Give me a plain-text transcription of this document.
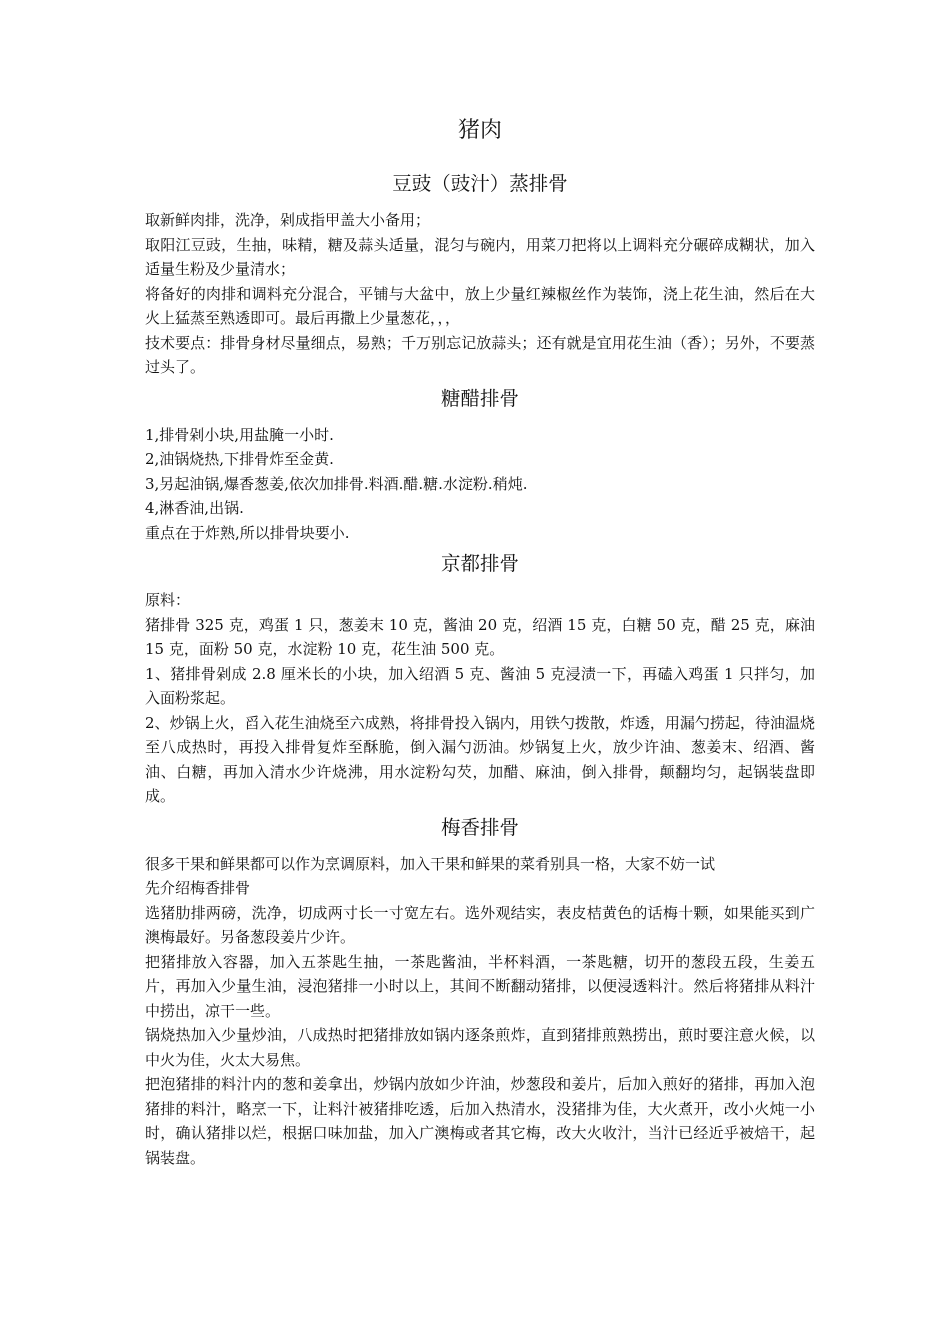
猪肉
豆豉（豉汁）蒸排骨

取新鲜肉排，洗净，剁成指甲盖大小备用；

取阳江豆豉，生抽，味精，糖及蒜头适量，混匀与碗内，用菜刀把将以上调料充分碾碎成糊状，加入适量生粉及少量清水；

将备好的肉排和调料充分混合，平铺与大盆中，放上少量红辣椒丝作为装饰，浇上花生油，然后在大火上猛蒸至熟透即可。最后再撒上少量葱花，，，

技术要点：排骨身材尽量细点，易熟；千万别忘记放蒜头；还有就是宜用花生油（香）；另外，不要蒸过头了。

糖醋排骨

1,排骨剁小块,用盐腌一小时.

2,油锅烧热,下排骨炸至金黄.

3,另起油锅,爆香葱姜,依次加排骨.料酒.醋.糖.水淀粉.稍炖.

4,淋香油,出锅.

重点在于炸熟,所以排骨块要小.

京都排骨

原料：

猪排骨 325 克，鸡蛋 1 只，葱姜末 10 克，酱油 20 克，绍酒 15 克，白糖 50 克，醋 25 克，麻油 15 克，面粉 50 克，水淀粉 10 克，花生油 500 克。

1、猪排骨剁成 2.8 厘米长的小块，加入绍酒 5 克、酱油 5 克浸渍一下，再磕入鸡蛋 1 只拌匀，加入面粉浆起。

2、炒锅上火，舀入花生油烧至六成熟，将排骨投入锅内，用铁勺拨散，炸透，用漏勺捞起，待油温烧至八成热时，再投入排骨复炸至酥脆，倒入漏勺沥油。炒锅复上火，放少许油、葱姜末、绍酒、酱油、白糖，再加入清水少许烧沸，用水淀粉勾芡，加醋、麻油，倒入排骨，颠翻均匀，起锅装盘即成。

梅香排骨

很多干果和鲜果都可以作为烹调原料，加入干果和鲜果的菜肴别具一格，大家不妨一试

先介绍梅香排骨

选猪肋排两磅，洗净，切成两寸长一寸宽左右。选外观结实，表皮桔黄色的话梅十颗，如果能买到广澳梅最好。另备葱段姜片少许。

把猪排放入容器，加入五茶匙生抽，一茶匙酱油，半杯料酒，一茶匙糖，切开的葱段五段，生姜五片，再加入少量生油，浸泡猪排一小时以上，其间不断翻动猪排，以便浸透料汁。然后将猪排从料汁中捞出，凉干一些。

锅烧热加入少量炒油，八成热时把猪排放如锅内逐条煎炸，直到猪排煎熟捞出，煎时要注意火候，以中火为佳，火太大易焦。

把泡猪排的料汁内的葱和姜拿出，炒锅内放如少许油，炒葱段和姜片，后加入煎好的猪排，再加入泡猪排的料汁，略烹一下，让料汁被猪排吃透，后加入热清水，没猪排为佳，大火煮开，改小火炖一小时，确认猪排以烂，根据口味加盐，加入广澳梅或者其它梅，改大火收汁，当汁已经近乎被焙干，起锅装盘。
